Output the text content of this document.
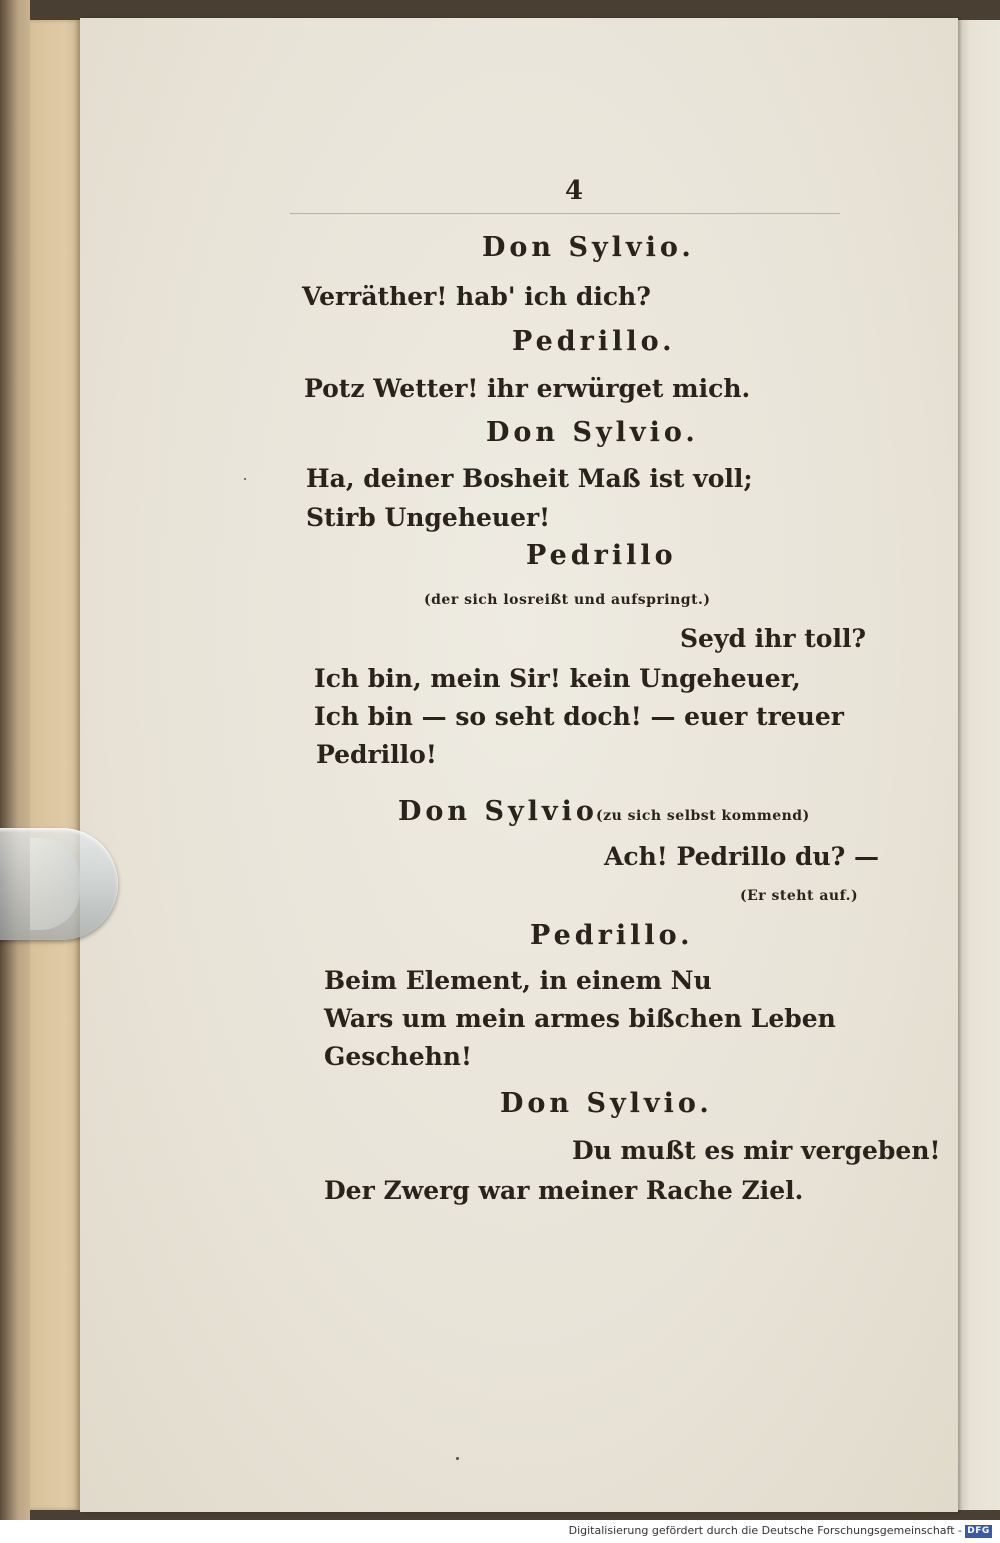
4
Don Sylvio.
Verräther! hab' ich dich?
Pedrillo.
Potz Wetter! ihr erwürget mich.
Don Sylvio.
Ha, deiner Bosheit Maß ist voll;
Stirb Ungeheuer!
Pedrillo
(der sich losreißt und aufspringt.)
Seyd ihr toll?
Ich bin, mein Sir! kein Ungeheuer,
Ich bin — so seht doch! — euer treuer
Pedrillo!
Don Sylvio
(zu sich selbst kommend)
Ach! Pedrillo du? —
(Er steht auf.)
Pedrillo.
Beim Element, in einem Nu
Wars um mein armes bißchen Leben
Geschehn!
Don Sylvio.
Du mußt es mir vergeben!
Der Zwerg war meiner Rache Ziel.
Digitalisierung gefördert durch die Deutsche Forschungsgemeinschaft - DFG
